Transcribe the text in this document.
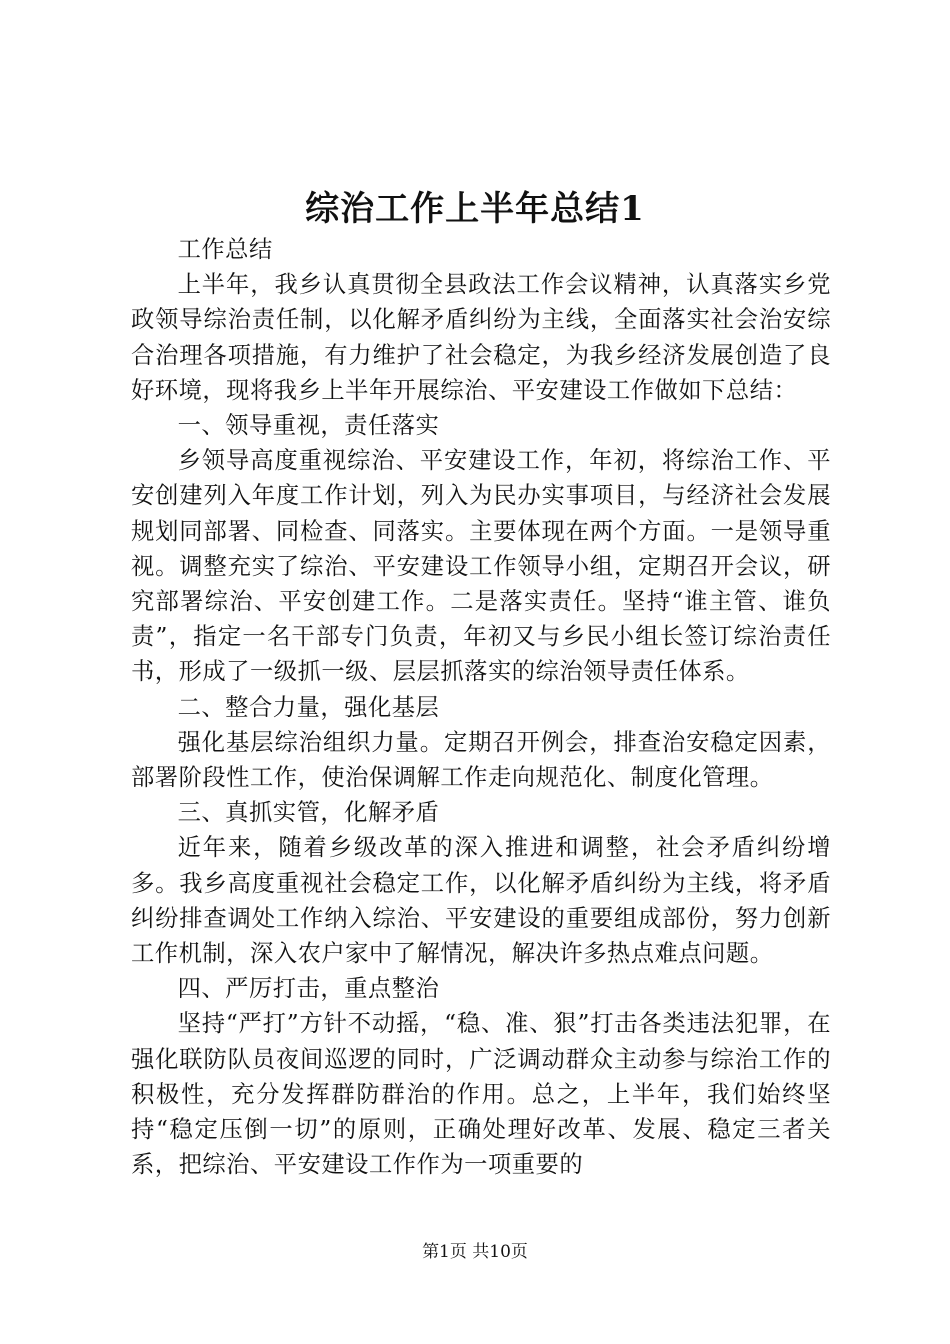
综治工作上半年总结1

工作总结

上半年，我乡认真贯彻全县政法工作会议精神，认真落实乡党政领导综治责任制，以化解矛盾纠纷为主线，全面落实社会治安综合治理各项措施，有力维护了社会稳定，为我乡经济发展创造了良好环境，现将我乡上半年开展综治、平安建设工作做如下总结：

一、领导重视，责任落实

乡领导高度重视综治、平安建设工作，年初，将综治工作、平安创建列入年度工作计划，列入为民办实事项目，与经济社会发展规划同部署、同检查、同落实。主要体现在两个方面。一是领导重视。调整充实了综治、平安建设工作领导小组，定期召开会议，研究部署综治、平安创建工作。二是落实责任。坚持“谁主管、谁负责”，指定一名干部专门负责，年初又与乡民小组长签订综治责任书，形成了一级抓一级、层层抓落实的综治领导责任体系。

二、整合力量，强化基层

强化基层综治组织力量。定期召开例会，排查治安稳定因素，部署阶段性工作，使治保调解工作走向规范化、制度化管理。

三、真抓实管，化解矛盾

近年来，随着乡级改革的深入推进和调整，社会矛盾纠纷增多。我乡高度重视社会稳定工作，以化解矛盾纠纷为主线，将矛盾纠纷排查调处工作纳入综治、平安建设的重要组成部份，努力创新工作机制，深入农户家中了解情况，解决许多热点难点问题。

四、严厉打击，重点整治

坚持“严打”方针不动摇，“稳、准、狠”打击各类违法犯罪，在强化联防队员夜间巡逻的同时，广泛调动群众主动参与综治工作的积极性，充分发挥群防群治的作用。总之，上半年，我们始终坚持“稳定压倒一切”的原则，正确处理好改革、发展、稳定三者关系，把综治、平安建设工作作为一项重要的

第1页 共10页
